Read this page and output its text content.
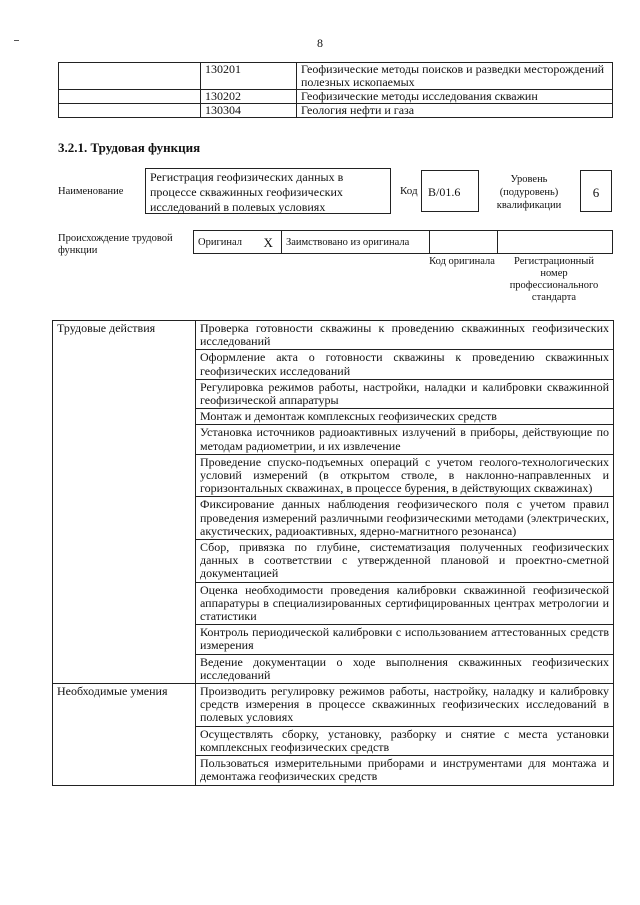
8
	130201	Геофизические методы поисков и разведки месторождений полезных ископаемых
	130202	Геофизические методы исследования скважин
	130304	Геология нефти и газа
3.2.1. Трудовая функция
Наименование
Регистрация геофизических данных в процессе скважинных геофизических исследований в полевых условиях
Код В/01.6
Уровень (подуровень) квалификации
6
Происхождение трудовой функции
Оригинал	X	Заимствовано из оригинала		
Код оригинала	Регистрационный номер профессионального стандарта
Трудовые действия	Проверка готовности скважины к проведению скважинных геофизических исследований
	Оформление акта о готовности скважины к проведению скважинных геофизических исследований
	Регулировка режимов работы, настройки, наладки и калибровки скважинной геофизической аппаратуры
	Монтаж и демонтаж комплексных геофизических средств
	Установка источников радиоактивных излучений в приборы, действующие по методам радиометрии, и их извлечение
	Проведение спуско-подъемных операций с учетом геолого-технологических условий измерений (в открытом стволе, в наклонно-направленных и горизонтальных скважинах, в процессе бурения, в действующих скважинах)
	Фиксирование данных наблюдения геофизического поля с учетом правил проведения измерений различными геофизическими методами (электрических, акустических, радиоактивных, ядерно-магнитного резонанса)
	Сбор, привязка по глубине, систематизация полученных геофизических данных в соответствии с утвержденной плановой и проектно-сметной документацией
	Оценка необходимости проведения калибровки скважинной геофизической аппаратуры в специализированных сертифицированных центрах метрологии и статистики
	Контроль периодической калибровки с использованием аттестованных средств измерения
	Ведение документации о ходе выполнения скважинных геофизических исследований
Необходимые умения	Производить регулировку режимов работы, настройку, наладку и калибровку средств измерения в процессе скважинных геофизических исследований в полевых условиях
	Осуществлять сборку, установку, разборку и снятие с места установки комплексных геофизических средств
	Пользоваться измерительными приборами и инструментами для монтажа и демонтажа геофизических средств
